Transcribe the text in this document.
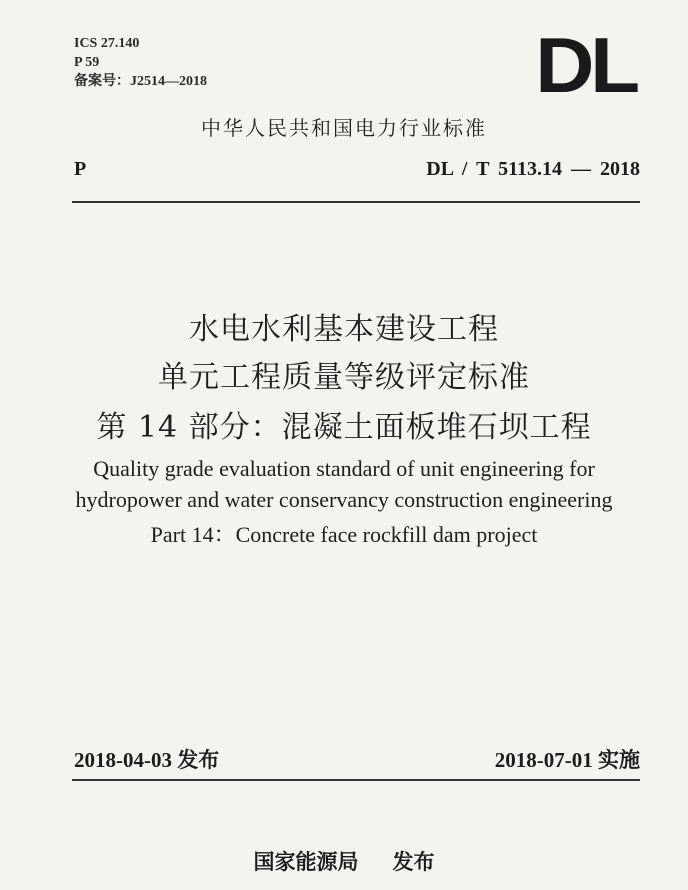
ICS 27.140
P 59
备案号：J2514—2018	DL
中华人民共和国电力行业标准
P	DL / T 5113.14 — 2018
水电水利基本建设工程
单元工程质量等级评定标准
第 14 部分：混凝土面板堆石坝工程
Quality grade evaluation standard of unit engineering for
hydropower and water conservancy construction engineering
Part 14：Concrete face rockfill dam project
2018-04-03 发布	2018-07-01 实施
国家能源局 发布
